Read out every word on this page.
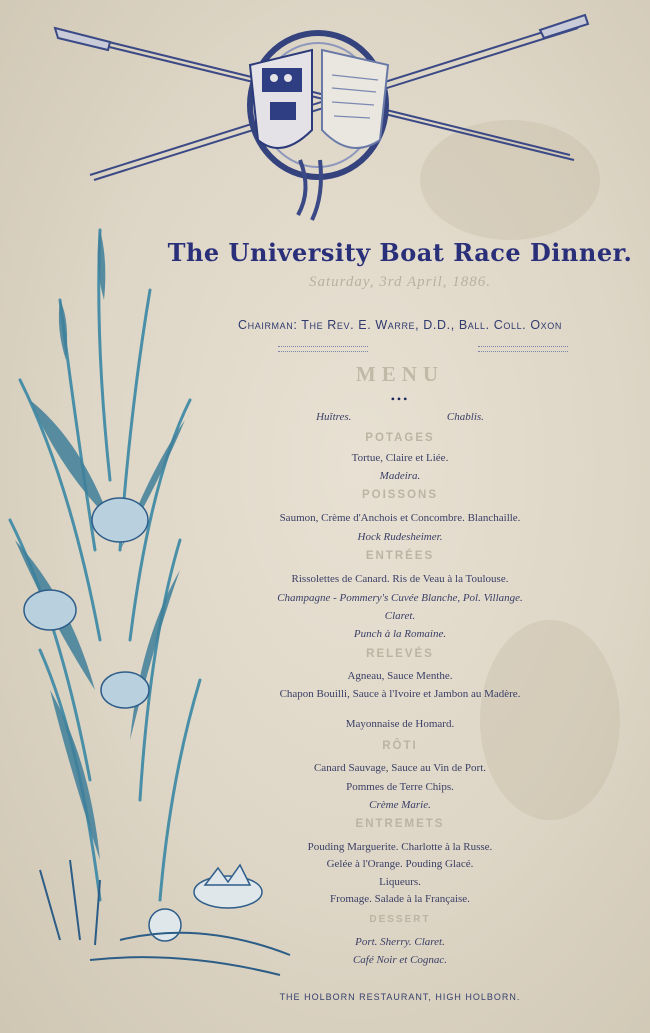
The University Boat Race Dinner.
Saturday, 3rd April, 1886.
Chairman: The Rev. E. Warre, D.D., Ball. Coll. Oxon
MENU
•••
Huîtres.	Chablis.
POTAGES
Tortue, Claire et Liée.
Madeira.
POISSONS
Saumon, Crème d'Anchois et Concombre. Blanchaille.
Hock Rudesheimer.
ENTRÉES
Rissolettes de Canard. Ris de Veau à la Toulouse.
Champagne - Pommery's Cuvée Blanche, Pol. Villange.
Claret.
Punch à la Romaine.
RELEVÉS
Agneau, Sauce Menthe.
Chapon Bouilli, Sauce à l'Ivoire et Jambon au Madère.
Mayonnaise de Homard.
RÔTI
Canard Sauvage, Sauce au Vin de Port.
Pommes de Terre Chips.
Crème Marie.
ENTREMETS
Pouding Marguerite. Charlotte à la Russe.
Gelée à l'Orange. Pouding Glacé.
Liqueurs.
Fromage. Salade à la Française.
DESSERT
Port. Sherry. Claret.
Café Noir et Cognac.
THE HOLBORN RESTAURANT, HIGH HOLBORN.
